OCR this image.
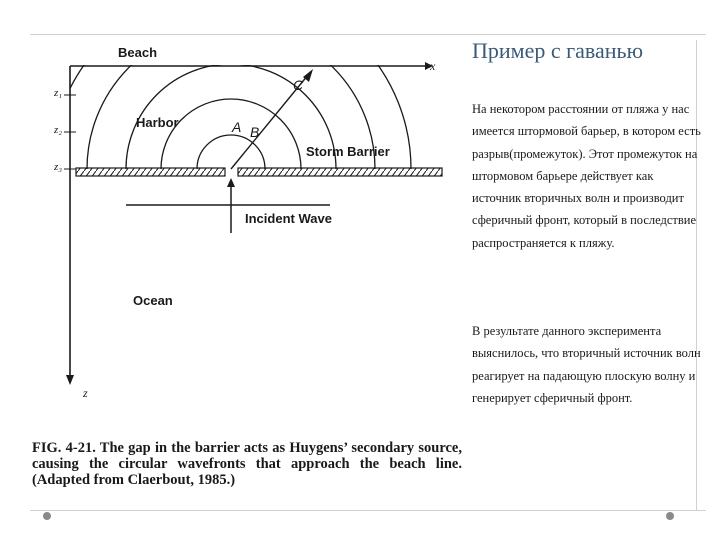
Beach
Harbor
Storm Barrier
Incident Wave
Ocean
A B
C
x
z
z₁
z₂
z₃
FIG. 4-21. The gap in the barrier acts as Huygens’ secondary source, causing the circular wavefronts that approach the beach line. (Adapted from Claerbout, 1985.)
Пример с гаванью
На некотором расстоянии от пляжа у нас имеется штормовой барьер, в котором есть разрыв(промежуток). Этот промежуток на штормовом барьере действует как источник вторичных волн и производит сферичный фронт, который в последствие распространяется к пляжу.
В результате данного эксперимента выяснилось, что вторичный источник волн реагирует на падающую плоскую волну и генерирует сферичный фронт.
